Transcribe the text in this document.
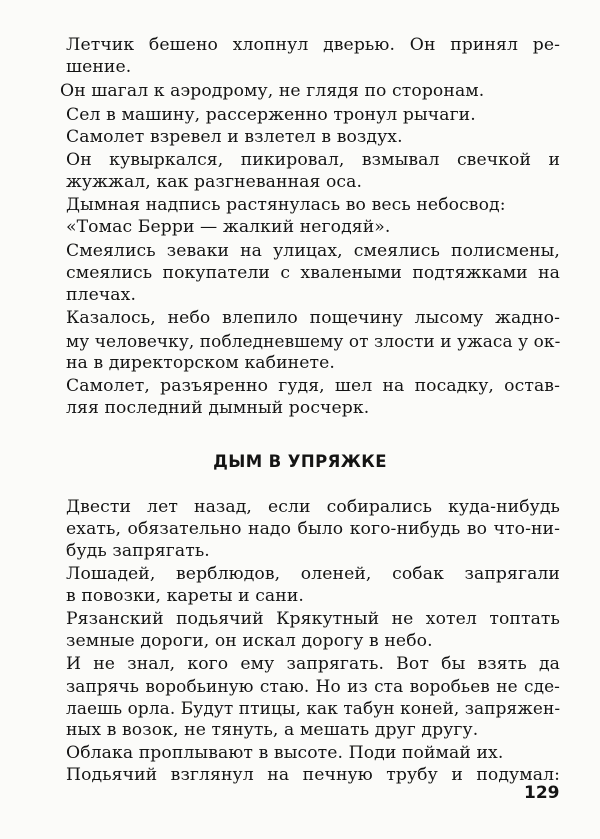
Летчик бешено хлопнул дверью. Он принял ре-
шение.
Он шагал к аэродрому, не глядя по сторонам.
Сел в машину, рассерженно тронул рычаги.
Самолет взревел и взлетел в воздух.
Он кувыркался, пикировал, взмывал свечкой и
жужжал, как разгневанная оса.
Дымная надпись растянулась во весь небосвод:
«Томас Берри — жалкий негодяй».
Смеялись зеваки на улицах, смеялись полисмены,
смеялись покупатели с хвалеными подтяжками на
плечах.
Казалось, небо влепило пощечину лысому жадно-
му человечку, побледневшему от злости и ужаса у ок-
на в директорском кабинете.
Самолет, разъяренно гудя, шел на посадку, остав-
ляя последний дымный росчерк.
ДЫМ В УПРЯЖКЕ
Двести лет назад, если собирались куда-нибудь
ехать, обязательно надо было кого-нибудь во что-ни-
будь запрягать.
Лошадей, верблюдов, оленей, собак запрягали
в повозки, кареты и сани.
Рязанский подьячий Крякутный не хотел топтать
земные дороги, он искал дорогу в небо.
И не знал, кого ему запрягать. Вот бы взять да
запрячь воробьиную стаю. Но из ста воробьев не сде-
лаешь орла. Будут птицы, как табун коней, запряжен-
ных в возок, не тянуть, а мешать друг другу.
Облака проплывают в высоте. Поди поймай их.
Подьячий взглянул на печную трубу и подумал:
129
